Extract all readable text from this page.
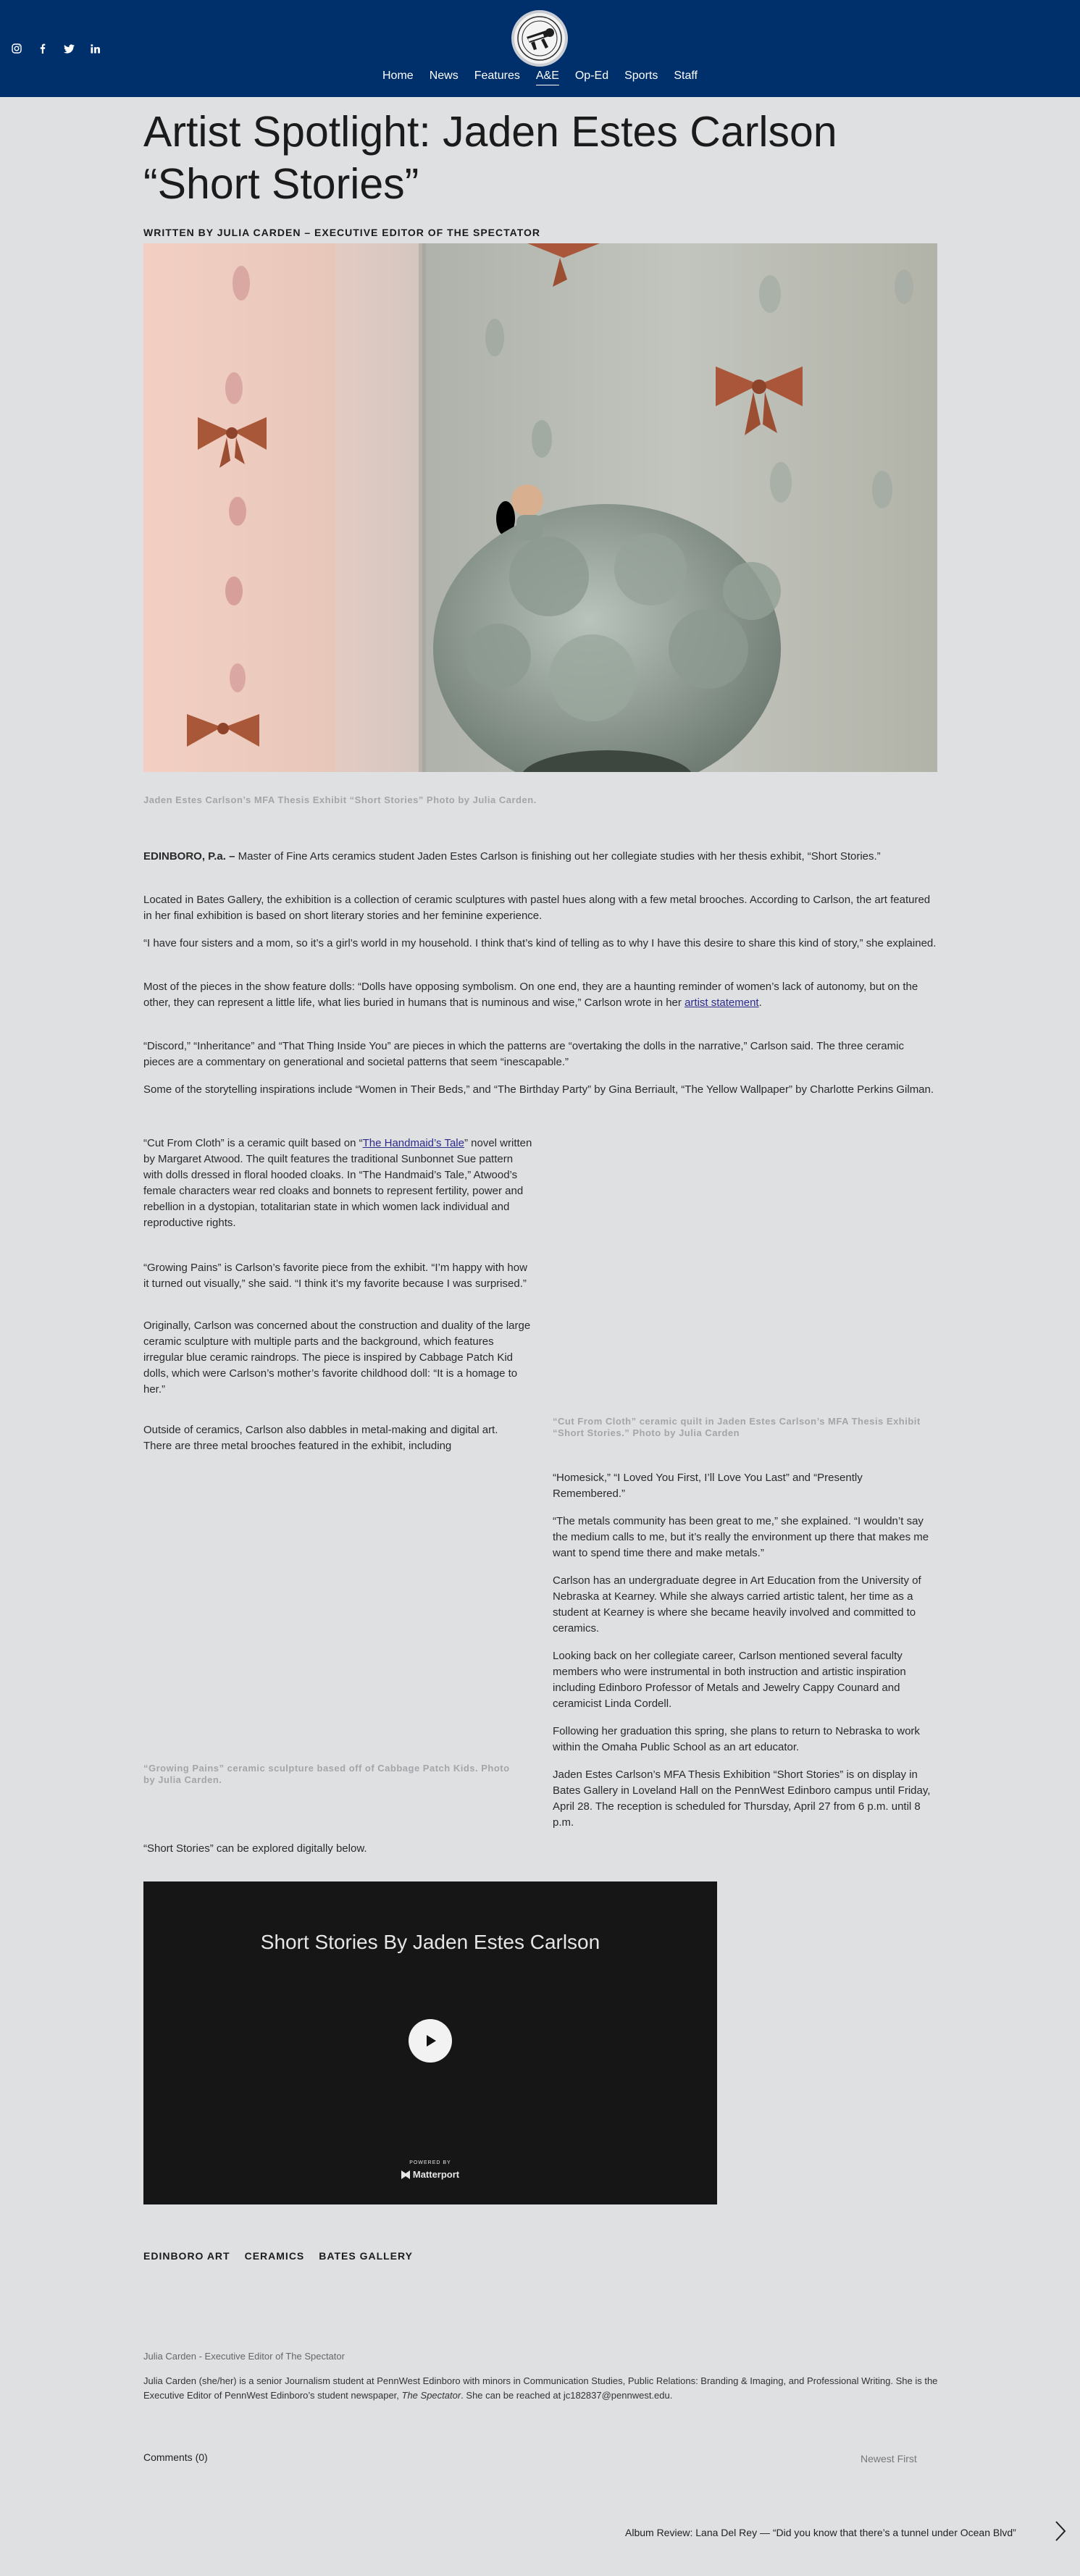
Home News Features A&E Op-Ed Sports Staff
Artist Spotlight: Jaden Estes Carlson “Short Stories”
WRITTEN BY JULIA CARDEN – EXECUTIVE EDITOR OF THE SPECTATOR
Jaden Estes Carlson’s MFA Thesis Exhibit “Short Stories” Photo by Julia Carden.
EDINBORO, P.a. – Master of Fine Arts ceramics student Jaden Estes Carlson is finishing out her collegiate studies with her thesis exhibit, “Short Stories.”
Located in Bates Gallery, the exhibition is a collection of ceramic sculptures with pastel hues along with a few metal brooches. According to Carlson, the art featured in her final exhibition is based on short literary stories and her feminine experience.
“I have four sisters and a mom, so it’s a girl’s world in my household. I think that’s kind of telling as to why I have this desire to share this kind of story,” she explained.
Most of the pieces in the show feature dolls: “Dolls have opposing symbolism. On one end, they are a haunting reminder of women’s lack of autonomy, but on the other, they can represent a little life, what lies buried in humans that is numinous and wise,” Carlson wrote in her artist statement.
“Discord,” “Inheritance” and “That Thing Inside You” are pieces in which the patterns are “overtaking the dolls in the narrative,” Carlson said. The three ceramic pieces are a commentary on generational and societal patterns that seem “inescapable.”
Some of the storytelling inspirations include “Women in Their Beds,” and “The Birthday Party” by Gina Berriault, “The Yellow Wallpaper” by Charlotte Perkins Gilman.
“Cut From Cloth” is a ceramic quilt based on “The Handmaid’s Tale” novel written by Margaret Atwood. The quilt features the traditional Sunbonnet Sue pattern with dolls dressed in floral hooded cloaks. In “The Handmaid’s Tale,” Atwood’s female characters wear red cloaks and bonnets to represent fertility, power and rebellion in a dystopian, totalitarian state in which women lack individual and reproductive rights.
“Growing Pains” is Carlson’s favorite piece from the exhibit. “I’m happy with how it turned out visually,” she said. “I think it’s my favorite because I was surprised.”
Originally, Carlson was concerned about the construction and duality of the large ceramic sculpture with multiple parts and the background, which features irregular blue ceramic raindrops. The piece is inspired by Cabbage Patch Kid dolls, which were Carlson’s mother’s favorite childhood doll: “It is a homage to her.”
“Cut From Cloth” ceramic quilt in Jaden Estes Carlson’s MFA Thesis Exhibit “Short Stories.” Photo by Julia Carden
Outside of ceramics, Carlson also dabbles in metal-making and digital art. There are three metal brooches featured in the exhibit, including
“Homesick,” “I Loved You First, I’ll Love You Last” and “Presently Remembered.”
“The metals community has been great to me,” she explained. “I wouldn’t say the medium calls to me, but it’s really the environment up there that makes me want to spend time there and make metals.”
Carlson has an undergraduate degree in Art Education from the University of Nebraska at Kearney. While she always carried artistic talent, her time as a student at Kearney is where she became heavily involved and committed to ceramics.
Looking back on her collegiate career, Carlson mentioned several faculty members who were instrumental in both instruction and artistic inspiration including Edinboro Professor of Metals and Jewelry Cappy Counard and ceramicist Linda Cordell.
Following her graduation this spring, she plans to return to Nebraska to work within the Omaha Public School as an art educator.
“Growing Pains” ceramic sculpture based off of Cabbage Patch Kids. Photo by Julia Carden.	Jaden Estes Carlson’s MFA Thesis Exhibition “Short Stories” is on display in Bates Gallery in Loveland Hall on the PennWest Edinboro campus until Friday, April 28. The reception is scheduled for Thursday, April 27 from 6 p.m. until 8 p.m.
“Short Stories” can be explored digitally below.
Short Stories By Jaden Estes Carlson
POWERED BY
Matterport
EDINBORO ART CERAMICS BATES GALLERY
Julia Carden - Executive Editor of The Spectator
Julia Carden (she/her) is a senior Journalism student at PennWest Edinboro with minors in Communication Studies, Public Relations: Branding & Imaging, and Professional Writing. She is the Executive Editor of PennWest Edinboro’s student newspaper, The Spectator. She can be reached at jc182837@pennwest.edu.
Comments (0)	Newest First
Album Review: Lana Del Rey — “Did you know that there’s a tunnel under Ocean Blvd”
